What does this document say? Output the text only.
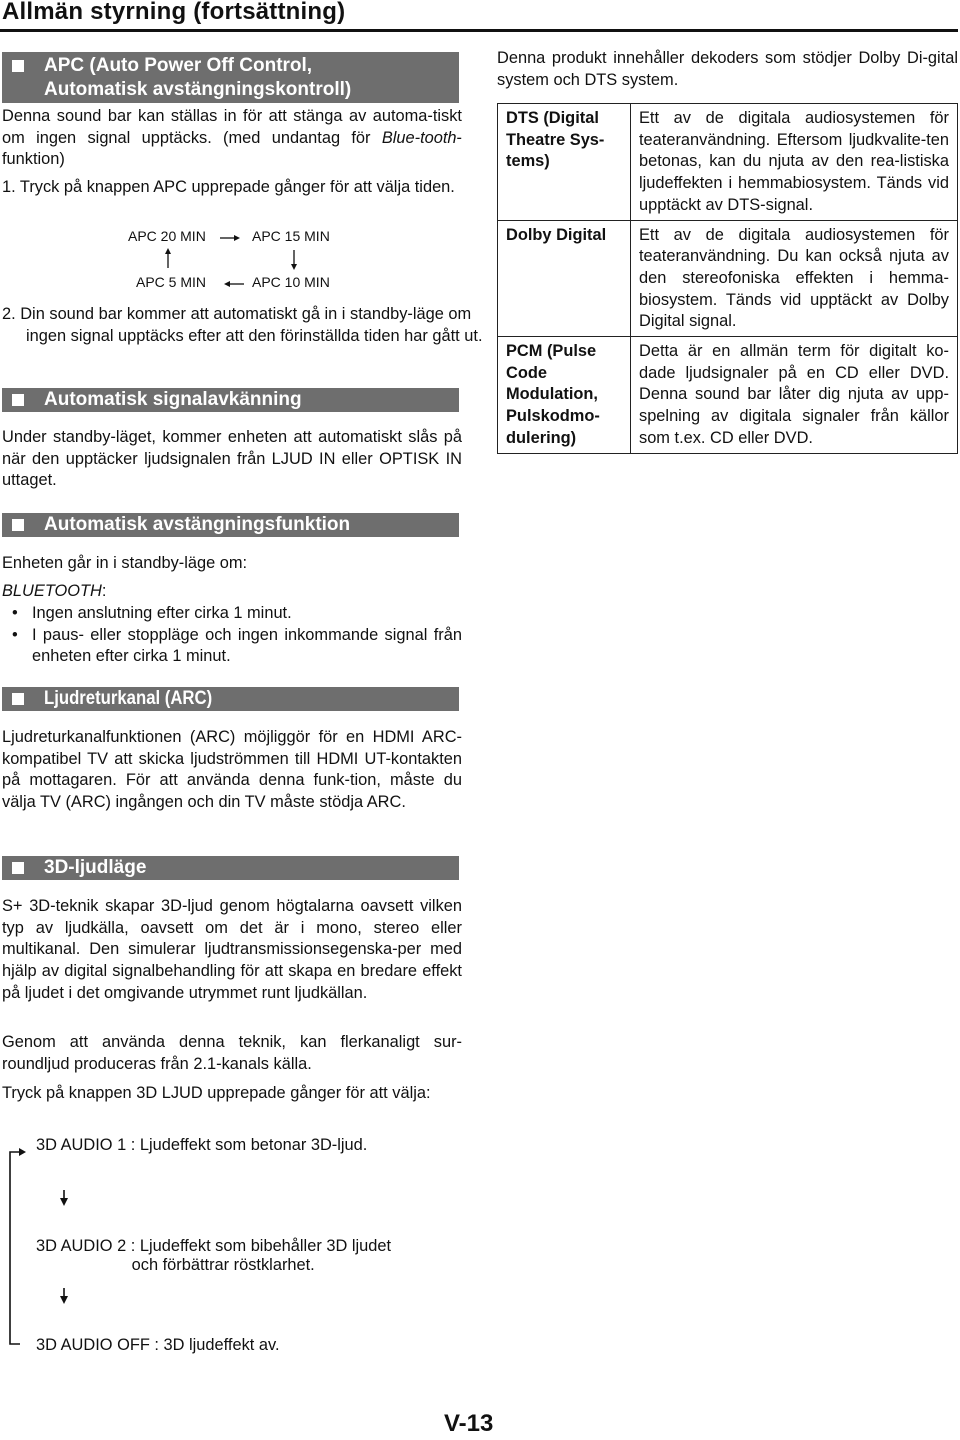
Allmän styrning (fortsättning)
APC (Auto Power Off Control,
Automatisk avstängningskontroll)
Denna sound bar kan ställas in för att stänga av automa-tiskt om ingen signal upptäcks. (med undantag för Blue-tooth-funktion)
1. Tryck på knappen APC upprepade gånger för att välja tiden.
APC 20 MIN	APC 15 MIN
APC 5 MIN	APC 10 MIN
2. Din sound bar kommer att automatiskt gå in i standby-läge om ingen signal upptäcks efter att den förinställda tiden har gått ut.
Automatisk signalavkänning
Under standby-läget, kommer enheten att automatiskt slås på när den upptäcker ljudsignalen från LJUD IN eller OPTISK IN uttaget.
Automatisk avstängningsfunktion
Enheten går in i standby-läge om:
BLUETOOTH:
• Ingen anslutning efter cirka 1 minut.
• I paus- eller stoppläge och ingen inkommande signal från enheten efter cirka 1 minut.
Ljudreturkanal (ARC)
Ljudreturkanalfunktionen (ARC) möjliggör för en HDMI ARC-kompatibel TV att skicka ljudströmmen till HDMI UT-kontakten på mottagaren. För att använda denna funk-tion, måste du välja TV (ARC) ingången och din TV måste stödja ARC.
3D-ljudläge
S+ 3D-teknik skapar 3D-ljud genom högtalarna oavsett vilken typ av ljudkälla, oavsett om det är i mono, stereo eller multikanal. Den simulerar ljudtransmissionsegenska-per med hjälp av digital signalbehandling för att skapa en bredare effekt på ljudet i det omgivande utrymmet runt ljudkällan.
Genom att använda denna teknik, kan flerkanaligt sur-roundljud produceras från 2.1-kanals källa.
Tryck på knappen 3D LJUD upprepade gånger för att välja:
3D AUDIO 1 : Ljudeffekt som betonar 3D-ljud.
3D AUDIO 2 : Ljudeffekt som bibehåller 3D ljudet
och förbättrar röstklarhet.
3D AUDIO OFF : 3D ljudeffekt av.
Denna produkt innehåller dekoders som stödjer Dolby Di-gital system och DTS system.
DTS (Digital Theatre Sys-tems)	Ett av de digitala audiosystemen för teateranvändning. Eftersom ljudkvalite-ten betonas, kan du njuta av den rea-listiska ljudeffekten i hemmabiosystem. Tänds vid upptäckt av DTS-signal.
Dolby Digital	Ett av de digitala audiosystemen för teateranvändning. Du kan också njuta av den stereofoniska effekten i hemma-biosystem. Tänds vid upptäckt av Dolby Digital signal.
PCM (Pulse Code Modulation, Pulskodmo-dulering)	Detta är en allmän term för digitalt ko-dade ljudsignaler på en CD eller DVD. Denna sound bar låter dig njuta av upp-spelning av digitala signaler från källor som t.ex. CD eller DVD.
V-13
